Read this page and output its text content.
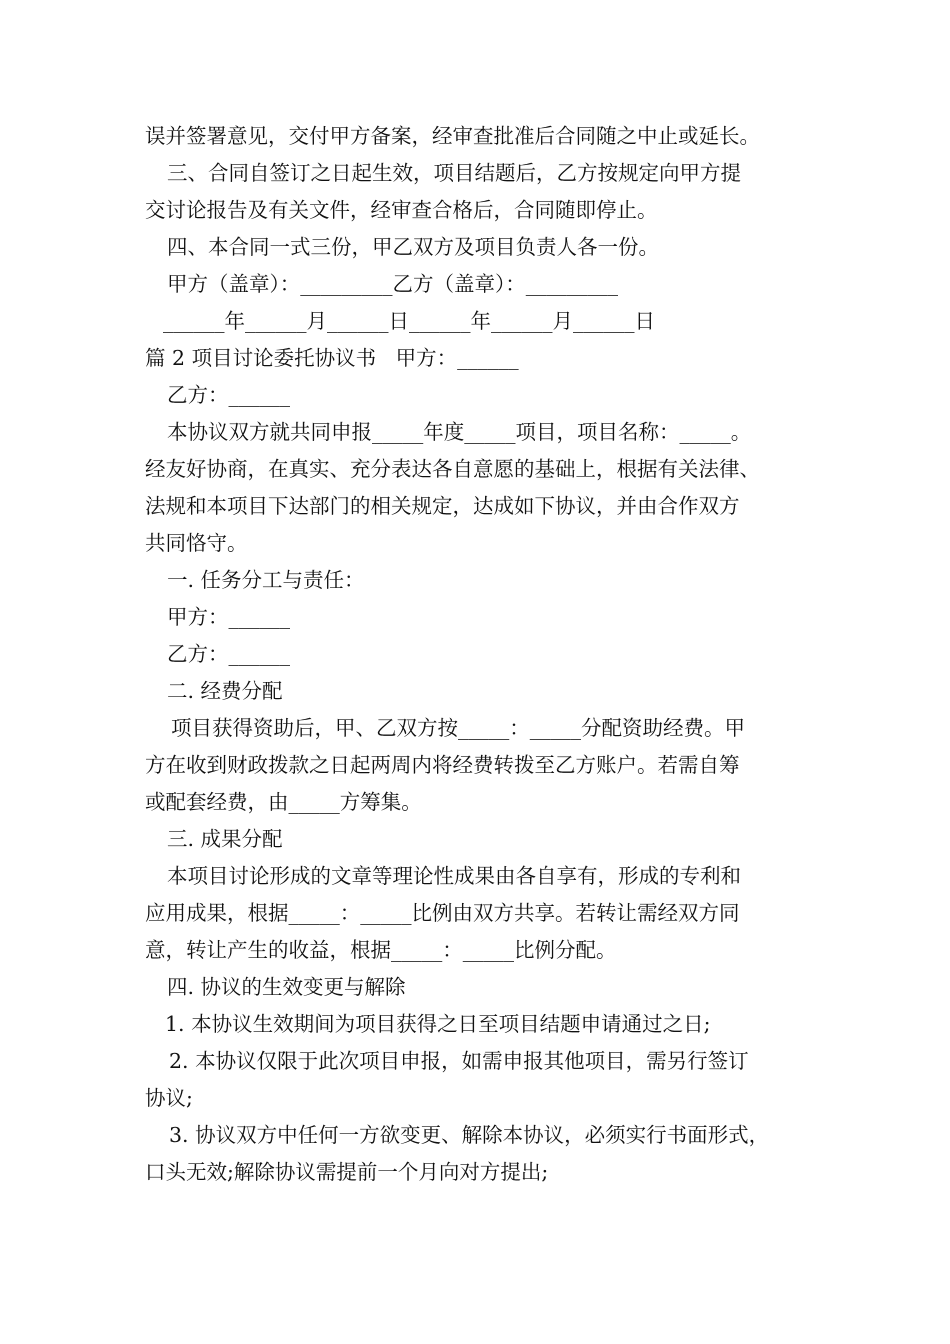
误并签署意见，交付甲方备案，经审查批准后合同随之中止或延长。
三、合同自签订之日起生效，项目结题后，乙方按规定向甲方提
交讨论报告及有关文件，经审查合格后，合同随即停止。
四、本合同一式三份，甲乙双方及项目负责人各一份。
甲方（盖章）：_________乙方（盖章）：_________
______年______月______日______年______月______日
篇 2 项目讨论委托协议书   甲方：______
乙方：______
本协议双方就共同申报_____年度_____项目，项目名称：_____。
经友好协商，在真实、充分表达各自意愿的基础上，根据有关法律、
法规和本项目下达部门的相关规定，达成如下协议，并由合作双方
共同恪守。
一. 任务分工与责任：
甲方：______
乙方：______
二. 经费分配
项目获得资助后，甲、乙双方按_____：_____分配资助经费。甲
方在收到财政拨款之日起两周内将经费转拨至乙方账户。若需自筹
或配套经费，由_____方筹集。
三. 成果分配
本项目讨论形成的文章等理论性成果由各自享有，形成的专利和
应用成果，根据_____：_____比例由双方共享。若转让需经双方同
意，转让产生的收益，根据_____：_____比例分配。
四. 协议的生效变更与解除
1. 本协议生效期间为项目获得之日至项目结题申请通过之日;
2. 本协议仅限于此次项目申报，如需申报其他项目，需另行签订
协议;
3. 协议双方中任何一方欲变更、解除本协议，必须实行书面形式，
口头无效;解除协议需提前一个月向对方提出;
